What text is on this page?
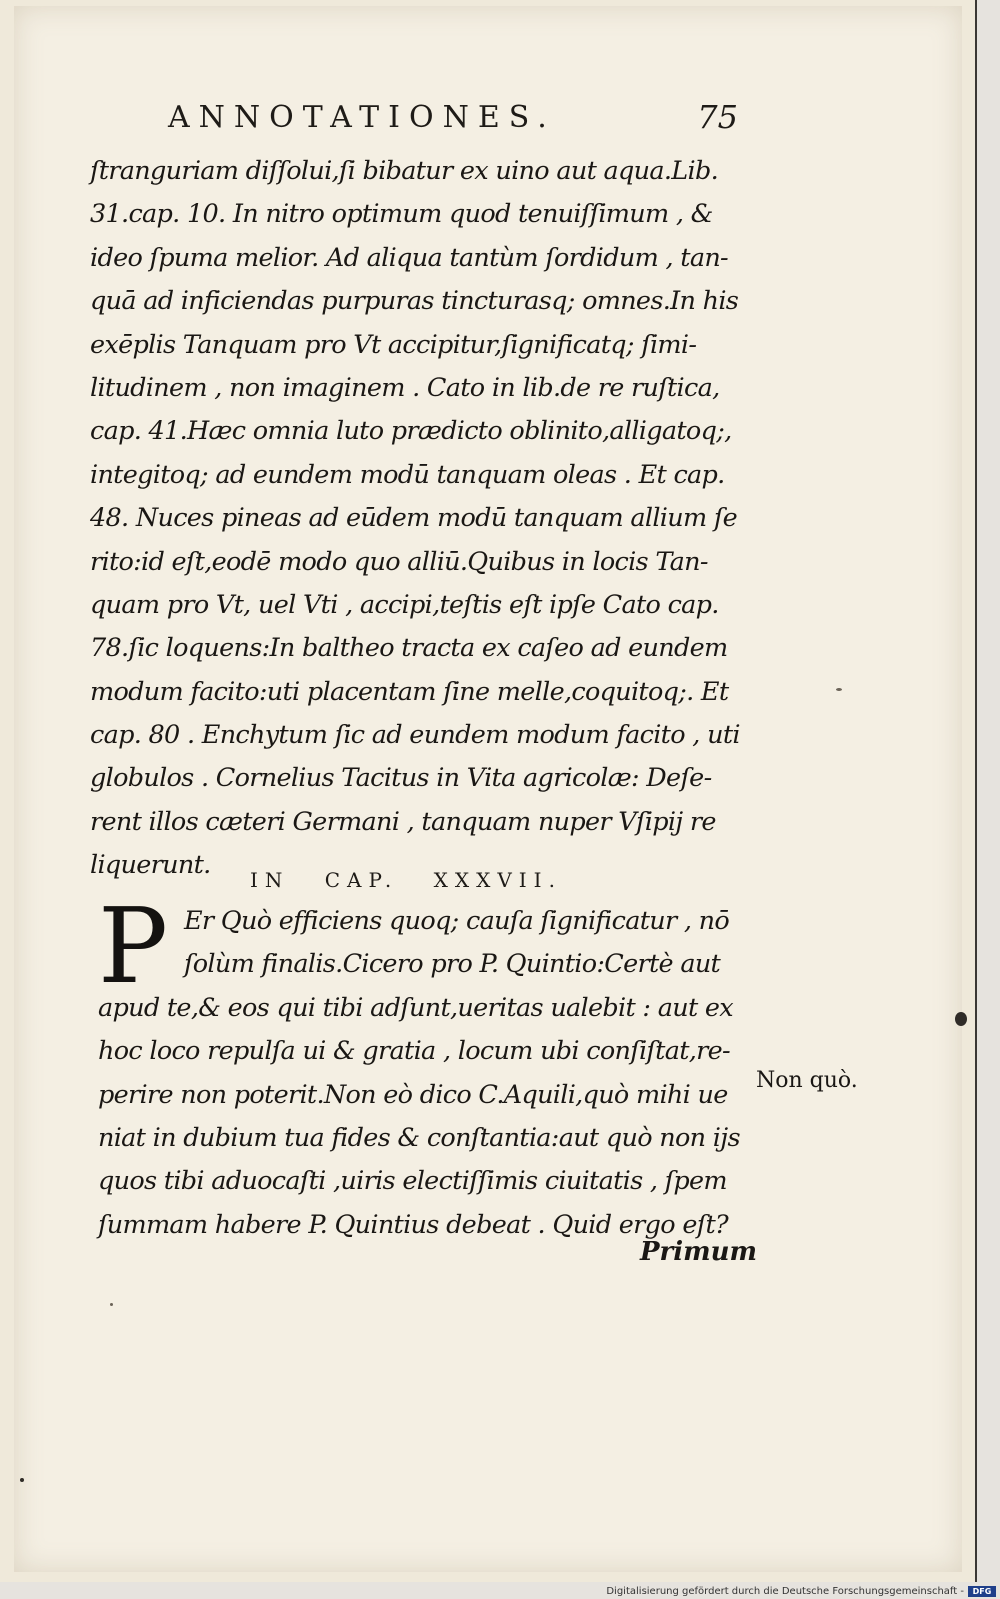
ANNOTATIONES.	75
ſtranguriam diſſolui,ſi bibatur ex uino aut aqua.Lib.
31.cap. 10. In nitro optimum quod tenuiſſimum , &
ideo ſpuma melior. Ad aliqua tantùm ſordidum , tan-
quā ad inficiendas purpuras tincturasq; omnes.In his
exēplis Tanquam pro Vt accipitur,ſignificatq; ſimi-
litudinem , non imaginem . Cato in lib.de re ruſtica,
cap. 41.Hæc omnia luto prædicto oblinito,alligatoq;,
integitoq; ad eundem modū tanquam oleas . Et cap.
48. Nuces pineas ad eūdem modū tanquam allium ſe
rito:id eſt,eodē modo quo alliū.Quibus in locis Tan-
quam pro Vt, uel Vti , accipi,teſtis eſt ipſe Cato cap.
78.ſic loquens:In baltheo tracta ex caſeo ad eundem
modum facito:uti placentam ſine melle,coquitoq;. Et
cap. 80 . Enchytum ſic ad eundem modum facito , uti
globulos . Cornelius Tacitus in Vita agricolæ: Deſe-
rent illos cæteri Germani , tanquam nuper Vſipij re
liquerunt.	IN CAP. XXXVII.
P Er Quò efficiens quoq; cauſa ſignificatur , nō
ſolùm finalis.Cicero pro P. Quintio:Certè aut
apud te,& eos qui tibi adſunt,ueritas ualebit : aut ex
hoc loco repulſa ui & gratia , locum ubi conſiſtat,re-
perire non poterit.Non eò dico C.Aquili,quò mihi ue
niat in dubium tua fides & conſtantia:aut quò non ijs
quos tibi aduocaſti ,uiris electiſſimis ciuitatis , ſpem
ſummam habere P. Quintius debeat . Quid ergo eſt?
Non quò.
Primum
Digitalisierung gefördert durch die Deutsche Forschungsgemeinschaft -	DFG
